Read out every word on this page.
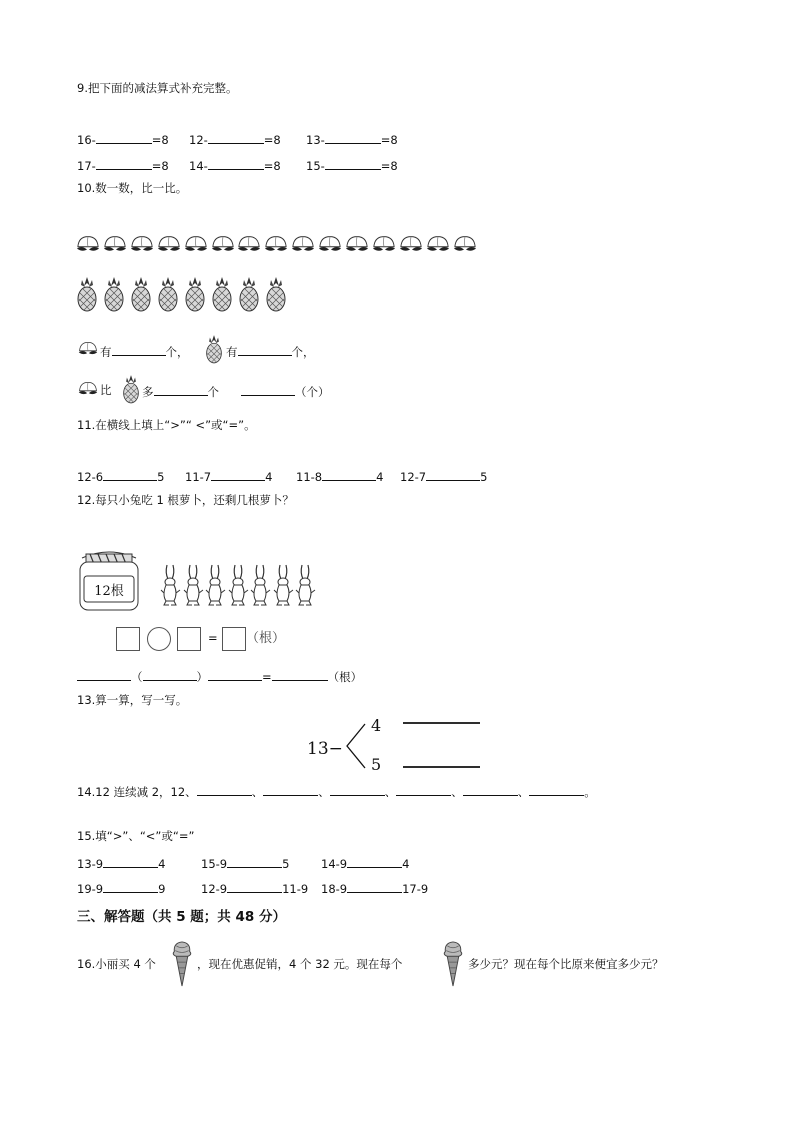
9.把下面的减法算式补充完整。
16-	=8 12-	=8 13-	=8
17-	=8 14-	=8 15-	=8
10.数一数，比一比。
有	个，	有	个，
比	多	个	（个）
11.在横线上填上“>”“ <”或“=”。
12-6	5 11-7	4 11-8	4 12-7	5
12.每只小兔吃 1 根萝卜，还剩几根萝卜？
12根
= （根）
（	）	=	（根）
13.算一算，写一写。
13−
4
5
14.12 连续减 2，12、	、	、	、	、	、	。
15.填“>”、“<”或“=”
13-9	4	15-9	5	14-9	4
19-9	9	12-9	11-9 18-9	17-9
三、解答题（共 5 题；共 48 分）
16.小丽买 4 个	，现在优惠促销，4 个 32 元。现在每个	多少元？现在每个比原来便宜多少元？
